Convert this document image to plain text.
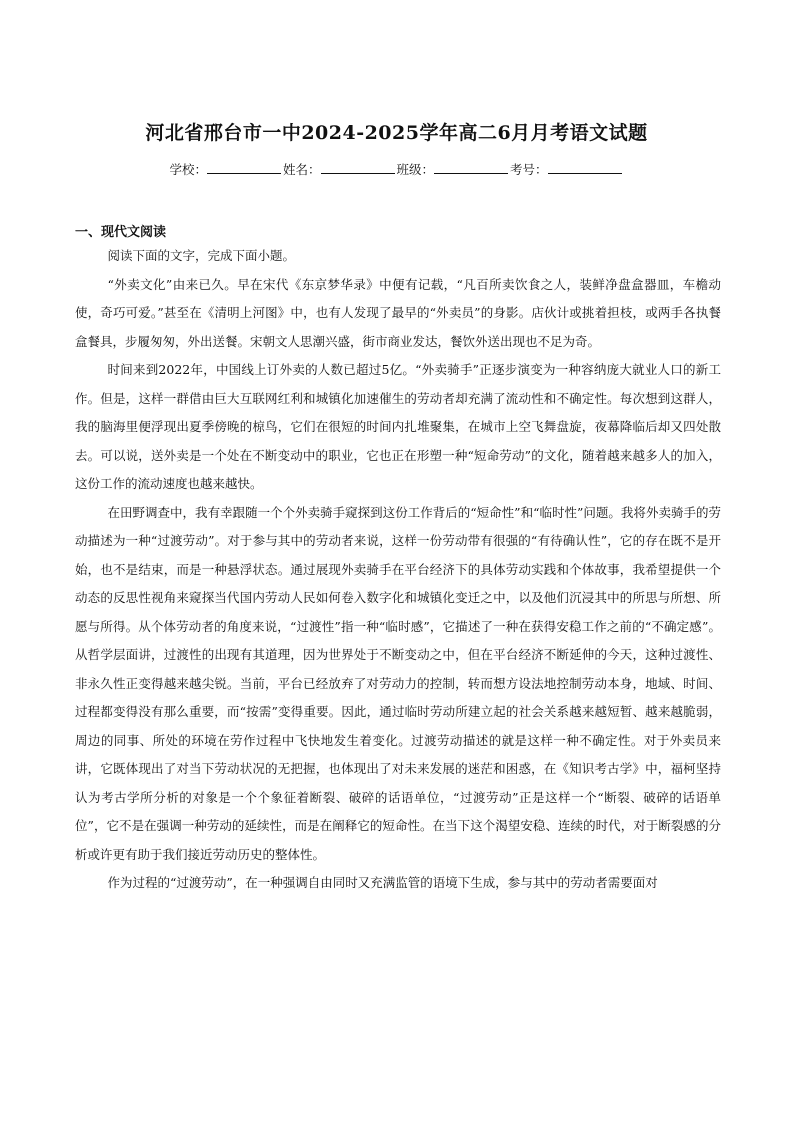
河北省邢台市一中2024-2025学年高二6月月考语文试题
学校：	姓名：	班级：	考号：
一、现代文阅读

阅读下面的文字，完成下面小题。

“外卖文化”由来已久。早在宋代《东京梦华录》中便有记载，“凡百所卖饮食之人，装鲜净盘盒器皿，车檐动使，奇巧可爱。”甚至在《清明上河图》中，也有人发现了最早的“外卖员”的身影。店伙计或挑着担枝，或两手各执餐盒餐具，步履匆匆，外出送餐。宋朝文人思潮兴盛，街市商业发达，餐饮外送出现也不足为奇。

时间来到2022年，中国线上订外卖的人数已超过5亿。“外卖骑手”正逐步演变为一种容纳庞大就业人口的新工作。但是，这样一群借由巨大互联网红利和城镇化加速催生的劳动者却充满了流动性和不确定性。每次想到这群人，我的脑海里便浮现出夏季傍晚的椋鸟，它们在很短的时间内扎堆聚集，在城市上空飞舞盘旋，夜幕降临后却又四处散去。可以说，送外卖是一个处在不断变动中的职业，它也正在形塑一种“短命劳动”的文化，随着越来越多人的加入，这份工作的流动速度也越来越快。

在田野调查中，我有幸跟随一个个外卖骑手窥探到这份工作背后的“短命性”和“临时性”问题。我将外卖骑手的劳动描述为一种“过渡劳动”。对于参与其中的劳动者来说，这样一份劳动带有很强的“有待确认性”，它的存在既不是开始，也不是结束，而是一种悬浮状态。通过展现外卖骑手在平台经济下的具体劳动实践和个体故事，我希望提供一个动态的反思性视角来窥探当代国内劳动人民如何卷入数字化和城镇化变迁之中，以及他们沉浸其中的所思与所想、所愿与所得。从个体劳动者的角度来说，“过渡性”指一种“临时感”，它描述了一种在获得安稳工作之前的“不确定感”。从哲学层面讲，过渡性的出现有其道理，因为世界处于不断变动之中，但在平台经济不断延伸的今天，这种过渡性、非永久性正变得越来越尖锐。当前，平台已经放弃了对劳动力的控制，转而想方设法地控制劳动本身，地域、时间、过程都变得没有那么重要，而“按需”变得重要。因此，通过临时劳动所建立起的社会关系越来越短暂、越来越脆弱，周边的同事、所处的环境在劳作过程中飞快地发生着变化。过渡劳动描述的就是这样一种不确定性。对于外卖员来讲，它既体现出了对当下劳动状况的无把握，也体现出了对未来发展的迷茫和困惑，在《知识考古学》中，福柯坚持认为考古学所分析的对象是一个个象征着断裂、破碎的话语单位，“过渡劳动”正是这样一个“断裂、破碎的话语单位”，它不是在强调一种劳动的延续性，而是在阐释它的短命性。在当下这个渴望安稳、连续的时代，对于断裂感的分析或许更有助于我们接近劳动历史的整体性。

作为过程的“过渡劳动”，在一种强调自由同时又充满监管的语境下生成，参与其中的劳动者需要面对
